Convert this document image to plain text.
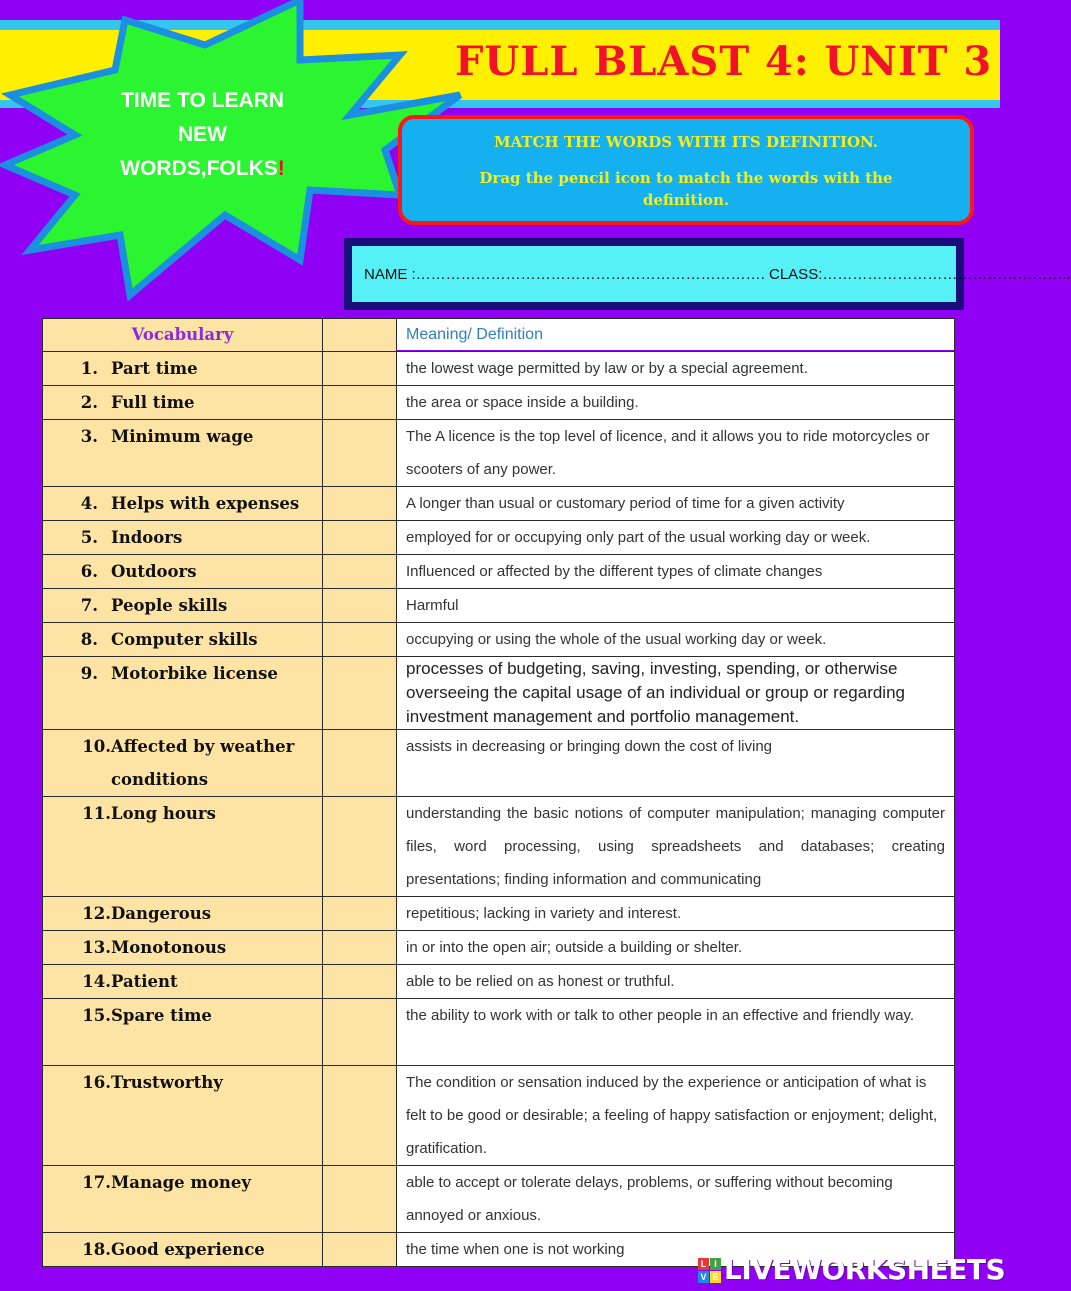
FULL BLAST 4: UNIT 3
TIME TO LEARN
NEW
WORDS,FOLKS!
MATCH THE WORDS WITH ITS DEFINITION.
Drag the pencil icon to match the words with the definition.
NAME :……………………………………………………………. CLASS:…………………………………………..
Vocabulary		Meaning/ Definition

1. Part time		the lowest wage permitted by law or by a special agreement.

2. Full time		the area or space inside a building.

3. Minimum wage		The A licence is the top level of licence, and it allows you to ride motorcycles or scooters of any power.

4. Helps with expenses		A longer than usual or customary period of time for a given activity

5. Indoors		employed for or occupying only part of the usual working day or week.

6. Outdoors		Influenced or affected by the different types of climate changes

7. People skills		Harmful

8. Computer skills		occupying or using the whole of the usual working day or week.

9. Motorbike license		processes of budgeting, saving, investing, spending, or otherwise overseeing the capital usage of an individual or group or regarding investment management and portfolio management.

10. Affected by weather conditions		assists in decreasing or bringing down the cost of living

11. Long hours		understanding the basic notions of computer manipulation; managing computer files, word processing, using spreadsheets and databases; creating presentations; finding information and communicating

12. Dangerous		repetitious; lacking in variety and interest.

13. Monotonous		in or into the open air; outside a building or shelter.

14. Patient		able to be relied on as honest or truthful.

15. Spare time		the ability to work with or talk to other people in an effective and friendly way.

16. Trustworthy		The condition or sensation induced by the experience or anticipation of what is felt to be good or desirable; a feeling of happy satisfaction or enjoyment; delight, gratification.

17. Manage money		able to accept or tolerate delays, problems, or suffering without becoming annoyed or anxious.

18. Good experience		the time when one is not working
L I
V E LIVEWORKSHEETS
